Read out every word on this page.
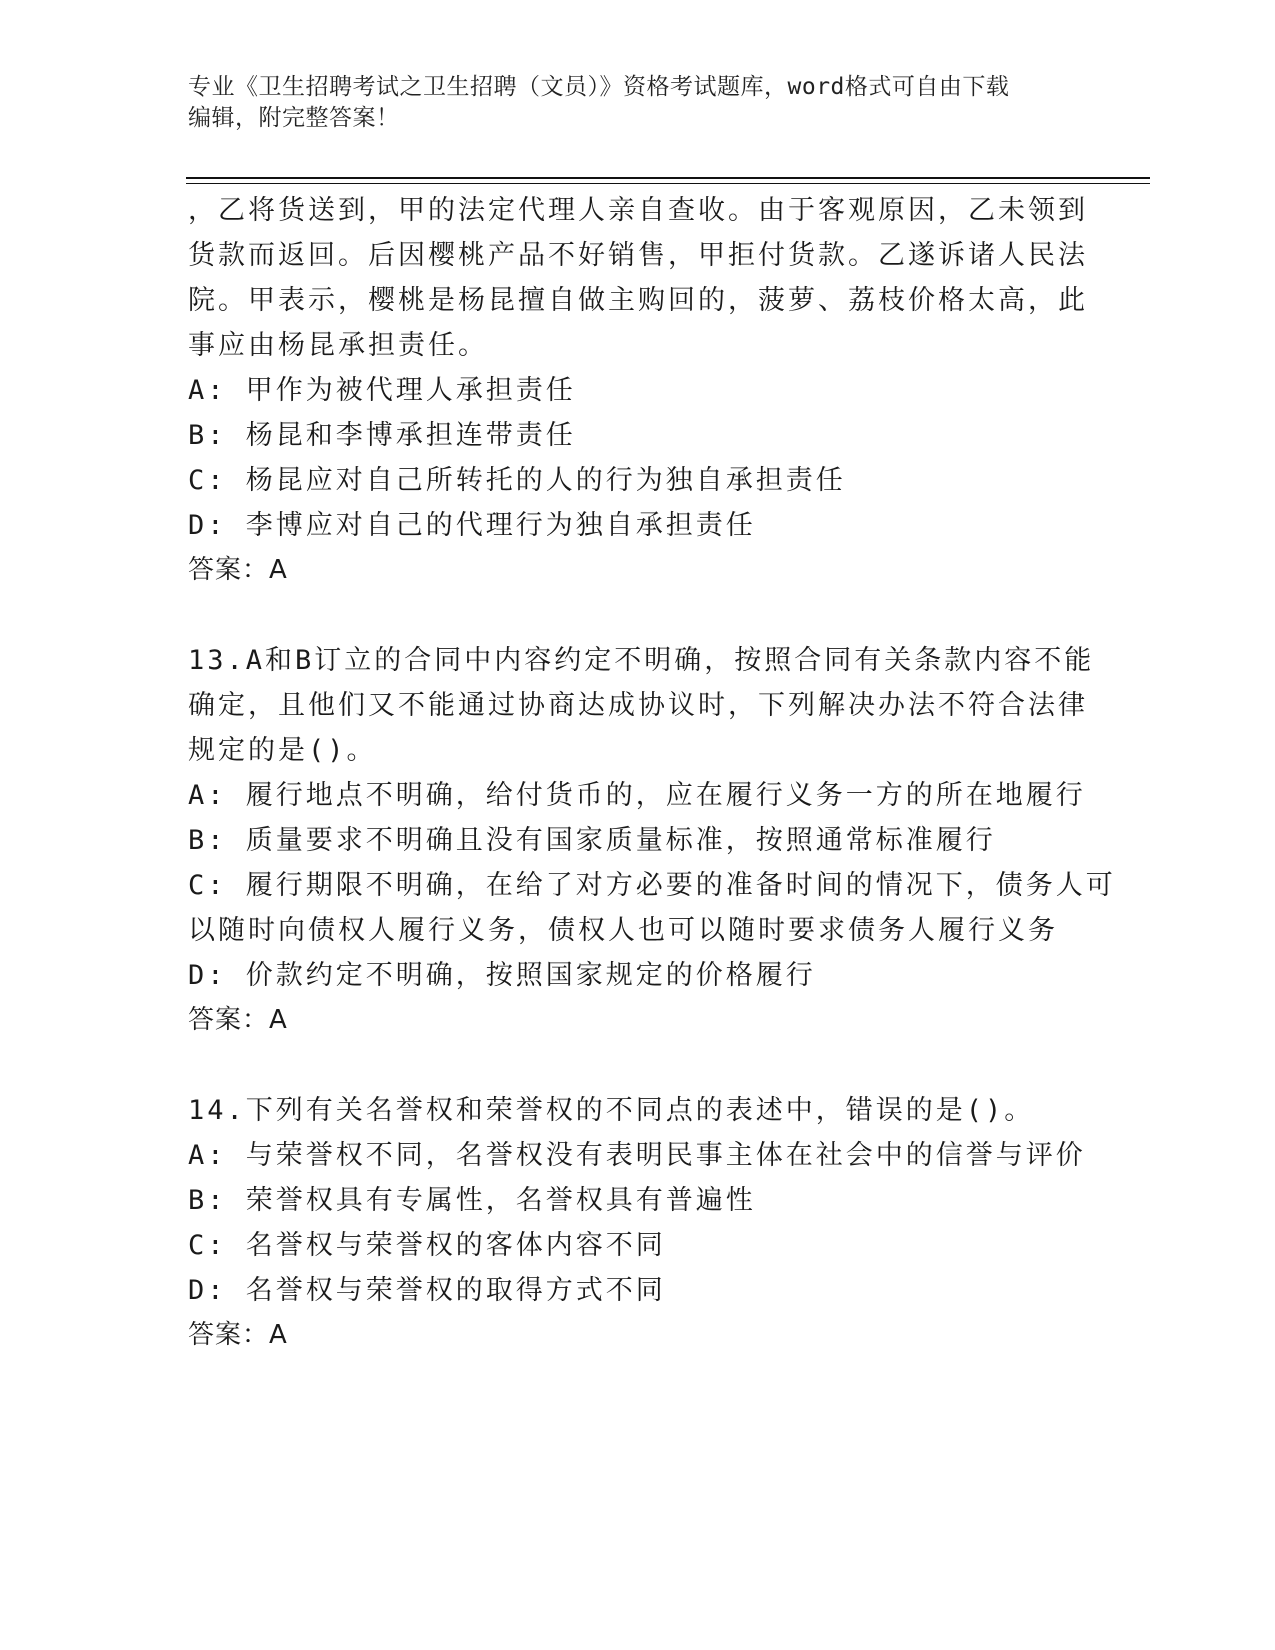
专业《卫生招聘考试之卫生招聘（文员）》资格考试题库，word格式可自由下载
编辑，附完整答案！
，乙将货送到，甲的法定代理人亲自查收。由于客观原因，乙未领到
货款而返回。后因樱桃产品不好销售，甲拒付货款。乙遂诉诸人民法
院。甲表示，樱桃是杨昆擅自做主购回的，菠萝、荔枝价格太高，此
事应由杨昆承担责任。
A: 甲作为被代理人承担责任
B: 杨昆和李博承担连带责任
C: 杨昆应对自己所转托的人的行为独自承担责任
D: 李博应对自己的代理行为独自承担责任
答案：A
13.A和B订立的合同中内容约定不明确，按照合同有关条款内容不能
确定，且他们又不能通过协商达成协议时，下列解决办法不符合法律
规定的是()。
A: 履行地点不明确，给付货币的，应在履行义务一方的所在地履行
B: 质量要求不明确且没有国家质量标准，按照通常标准履行
C: 履行期限不明确，在给了对方必要的准备时间的情况下，债务人可
以随时向债权人履行义务，债权人也可以随时要求债务人履行义务
D: 价款约定不明确，按照国家规定的价格履行
答案：A
14.下列有关名誉权和荣誉权的不同点的表述中，错误的是()。
A: 与荣誉权不同，名誉权没有表明民事主体在社会中的信誉与评价
B: 荣誉权具有专属性，名誉权具有普遍性
C: 名誉权与荣誉权的客体内容不同
D: 名誉权与荣誉权的取得方式不同
答案：A
